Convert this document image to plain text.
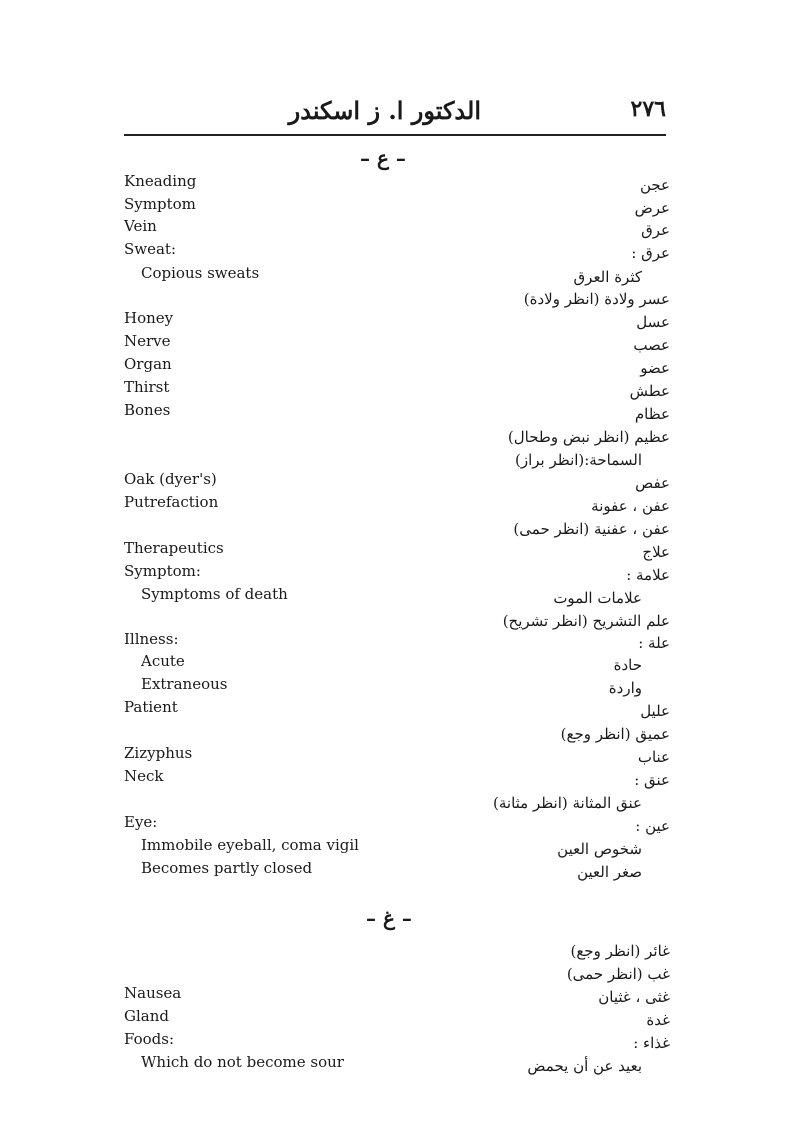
٢٧٦
الدكتور ا. ز اسكندر
– ع –
Kneading	عجن
Symptom	عرض
Vein	عرق
Sweat:	عرق :
Copious sweats	كثرة العرق
عسر ولادة (انظر ولادة)
Honey	عسل
Nerve	عصب
Organ	عضو
Thirst	عطش
Bones	عظام
عظيم (انظر نبض وطحال)
السماحة:(انظر براز)
Oak (dyer's)	عفص
Putrefaction	عفن ، عفونة
عفن ، عفنية (انظر حمى)
Therapeutics	علاج
Symptom:	علامة :
Symptoms of death	علامات الموت
علم التشريح (انظر تشريح)
Illness:	علة :
Acute	حادة
Extraneous	واردة
Patient	عليل
عميق (انظر وجع)
Zizyphus	عناب
Neck	عنق :
عنق المثانة (انظر مثانة)
Eye:	عين :
Immobile eyeball, coma vigil	شخوص العين
Becomes partly closed	صغر العين
– غ –
غائر (انظر وجع)
غب (انظر حمى)
Nausea	غثى ، غثيان
Gland	غدة
Foods:	غذاء :
Which do not become sour	بعيد عن أن يحمض
